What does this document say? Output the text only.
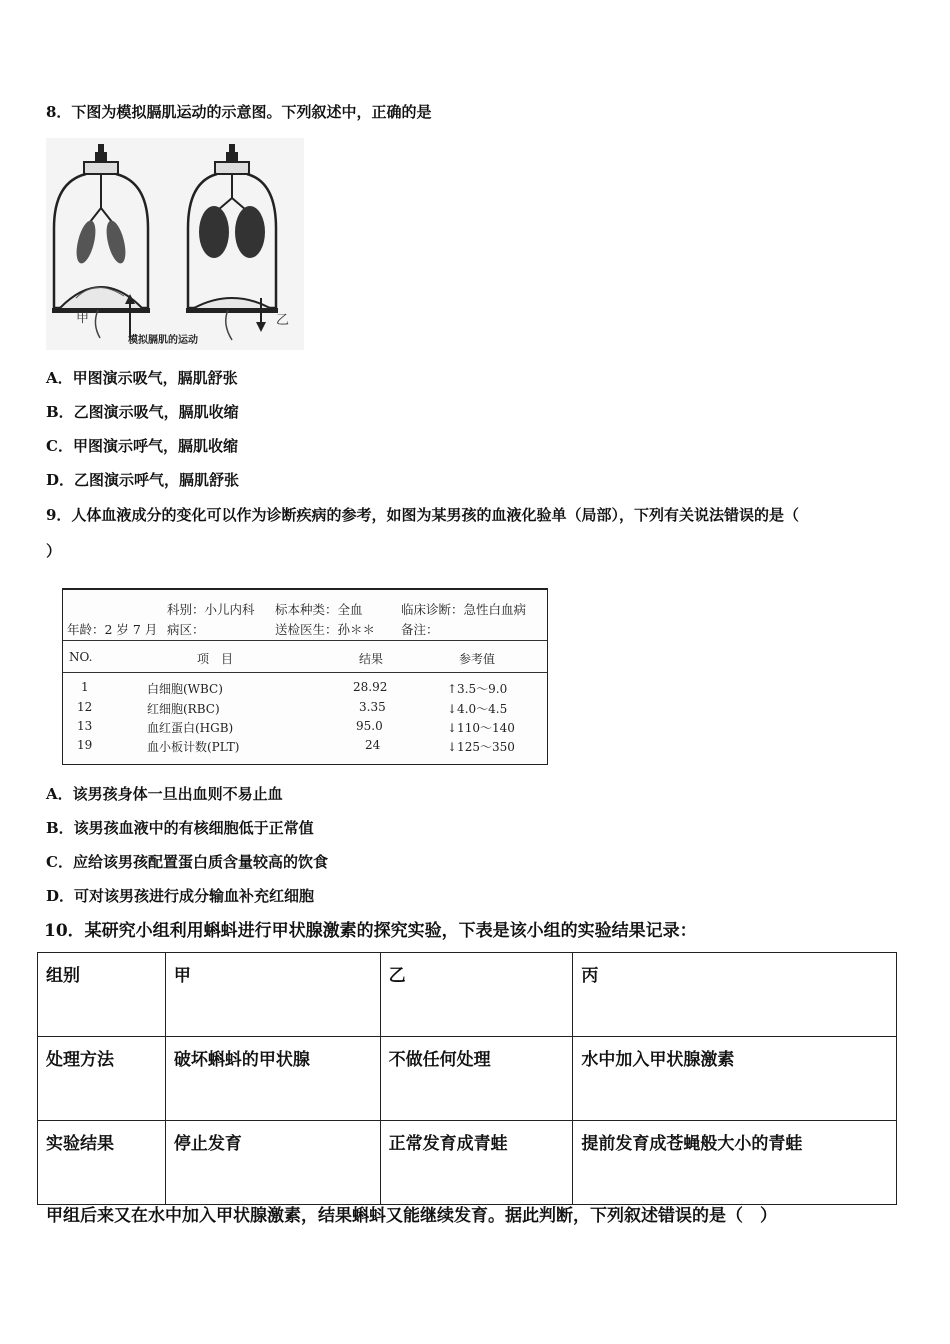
8．下图为模拟膈肌运动的示意图。下列叙述中，正确的是
甲	乙
模拟膈肌的运动
A．甲图演示吸气，膈肌舒张
B．乙图演示吸气，膈肌收缩
C．甲图演示呼气，膈肌收缩
D．乙图演示呼气，膈肌舒张
9．人体血液成分的变化可以作为诊断疾病的参考，如图为某男孩的血液化验单（局部），下列有关说法错误的是（
）
科别：小儿内科 标本种类：全血	临床诊断：急性白血病
年龄：2 岁 7 月 病区：	送检医生：孙＊＊ 备注：
NO.	项　目	结果	参考值
1	白细胞(WBC)	28.92	↑3.5～9.0
12	红细胞(RBC)	3.35	↓4.0～4.5
13	血红蛋白(HGB)	95.0	↓110～140
19	血小板计数(PLT)	24	↓125～350
A．该男孩身体一旦出血则不易止血
B．该男孩血液中的有核细胞低于正常值
C．应给该男孩配置蛋白质含量较高的饮食
D．可对该男孩进行成分输血补充红细胞
10．某研究小组利用蝌蚪进行甲状腺激素的探究实验，下表是该小组的实验结果记录：
组别	甲	乙	丙
处理方法	破坏蝌蚪的甲状腺	不做任何处理	水中加入甲状腺激素
实验结果	停止发育	正常发育成青蛙	提前发育成苍蝇般大小的青蛙
甲组后来又在水中加入甲状腺激素，结果蝌蚪又能继续发育。据此判断，下列叙述错误的是（　）
